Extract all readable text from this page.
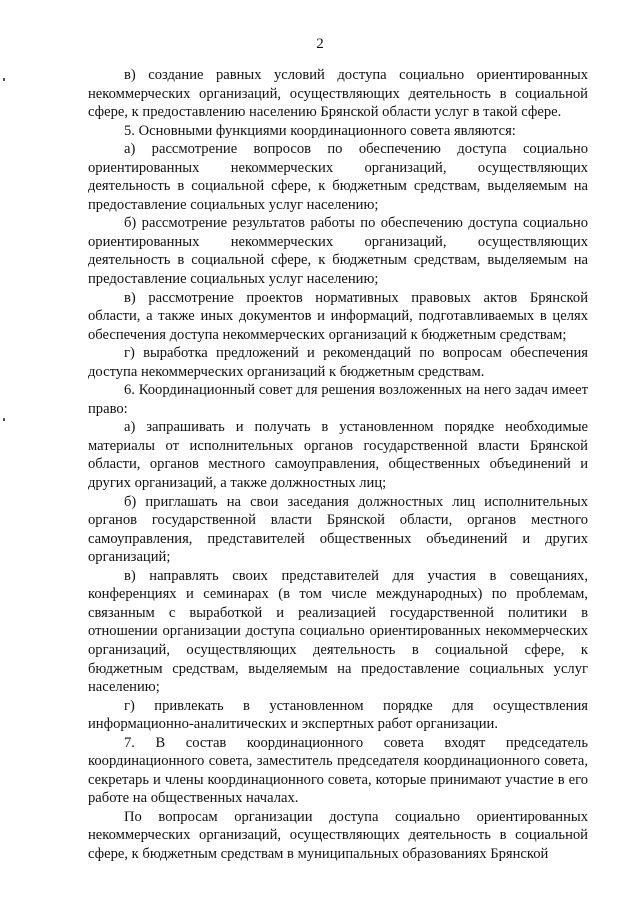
2

в) создание равных условий доступа социально ориентированных некоммерческих организаций, осуществляющих деятельность в социальной сфере, к предоставлению населению Брянской области услуг в такой сфере.

5. Основными функциями координационного совета являются:

а) рассмотрение вопросов по обеспечению доступа социально ориентированных некоммерческих организаций, осуществляющих деятельность в социальной сфере, к бюджетным средствам, выделяемым на предоставление социальных услуг населению;

б) рассмотрение результатов работы по обеспечению доступа социально ориентированных некоммерческих организаций, осуществляющих деятельность в социальной сфере, к бюджетным средствам, выделяемым на предоставление социальных услуг населению;

в) рассмотрение проектов нормативных правовых актов Брянской области, а также иных документов и информаций, подготавливаемых в целях обеспечения доступа некоммерческих организаций к бюджетным средствам;

г) выработка предложений и рекомендаций по вопросам обеспечения доступа некоммерческих организаций к бюджетным средствам.

6. Координационный совет для решения возложенных на него задач имеет право:

а) запрашивать и получать в установленном порядке необходимые материалы от исполнительных органов государственной власти Брянской области, органов местного самоуправления, общественных объединений и других организаций, а также должностных лиц;

б) приглашать на свои заседания должностных лиц исполнительных органов государственной власти Брянской области, органов местного самоуправления, представителей общественных объединений и других организаций;

в) направлять своих представителей для участия в совещаниях, конференциях и семинарах (в том числе международных) по проблемам, связанным с выработкой и реализацией государственной политики в отношении организации доступа социально ориентированных некоммерческих организаций, осуществляющих деятельность в социальной сфере, к бюджетным средствам, выделяемым на предоставление социальных услуг населению;

г) привлекать в установленном порядке для осуществления информационно-аналитических и экспертных работ организации.

7. В состав координационного совета входят председатель координационного совета, заместитель председателя координационного совета, секретарь и члены координационного совета, которые принимают участие в его работе на общественных началах.

По вопросам организации доступа социально ориентированных некоммерческих организаций, осуществляющих деятельность в социальной сфере, к бюджетным средствам в муниципальных образованиях Брянской
